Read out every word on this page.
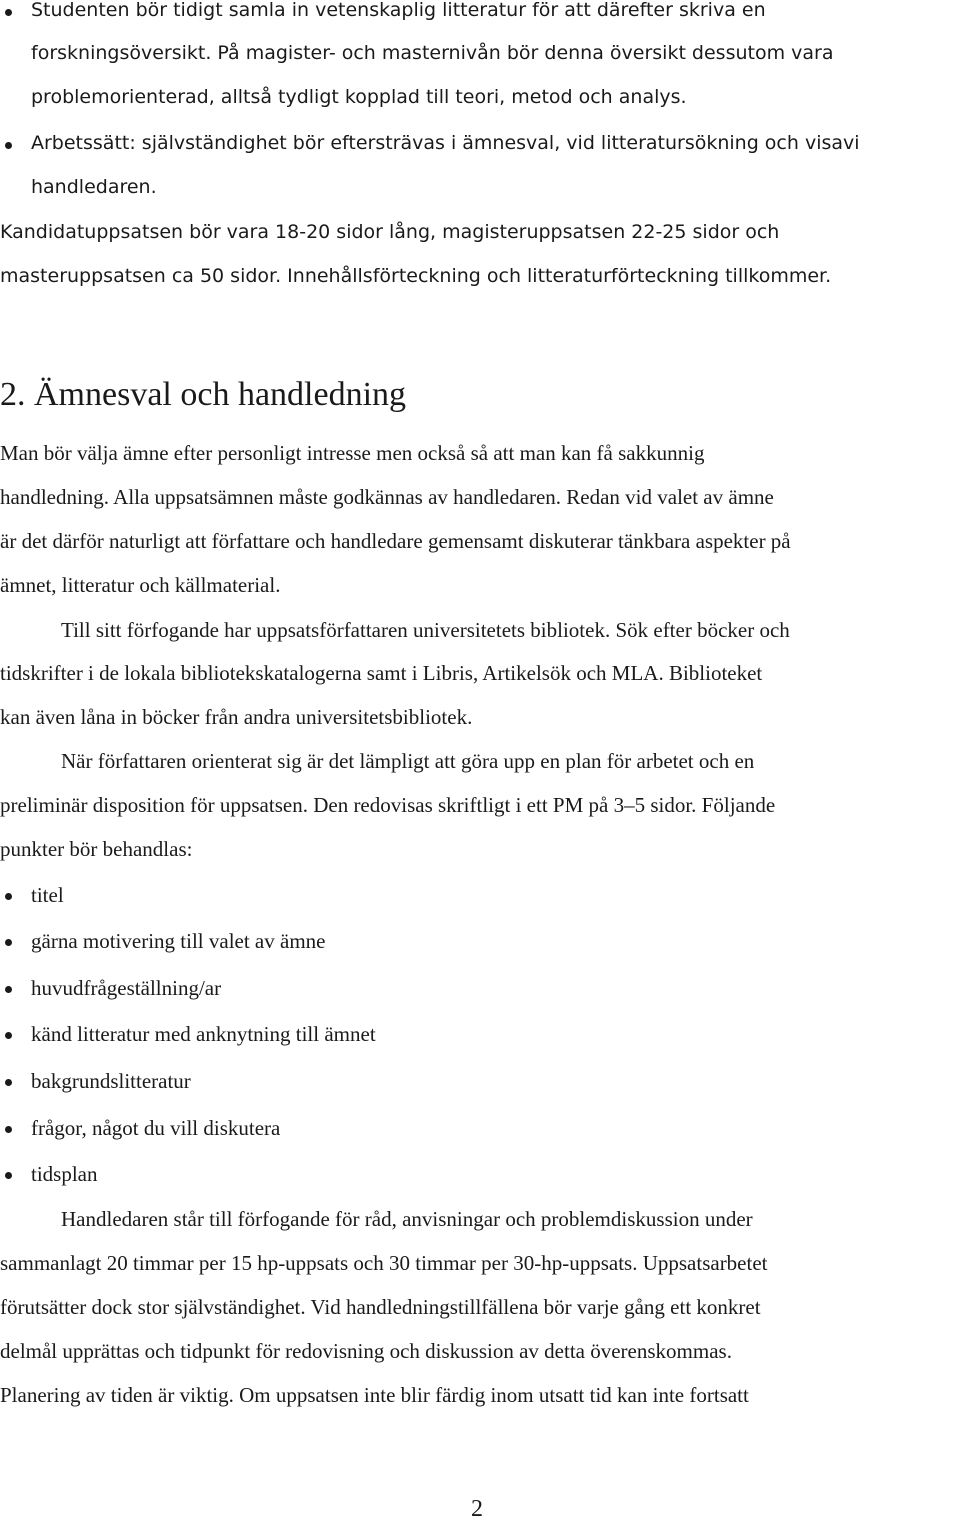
Studenten bör tidigt samla in vetenskaplig litteratur för att därefter skriva en
forskningsöversikt. På magister- och masternivån bör denna översikt dessutom vara
problemorienterad, alltså tydligt kopplad till teori, metod och analys.
Arbetssätt: självständighet bör eftersträvas i ämnesval, vid litteratursökning och visavi
handledaren.
Kandidatuppsatsen bör vara 18-20 sidor lång, magisteruppsatsen 22-25 sidor och
masteruppsatsen ca 50 sidor. Innehållsförteckning och litteraturförteckning tillkommer.
2. Ämnesval och handledning
Man bör välja ämne efter personligt intresse men också så att man kan få sakkunnig
handledning. Alla uppsatsämnen måste godkännas av handledaren. Redan vid valet av ämne
är det därför naturligt att författare och handledare gemensamt diskuterar tänkbara aspekter på
ämnet, litteratur och källmaterial.
Till sitt förfogande har uppsatsförfattaren universitetets bibliotek. Sök efter böcker och
tidskrifter i de lokala bibliotekskatalogerna samt i Libris, Artikelsök och MLA. Biblioteket
kan även låna in böcker från andra universitetsbibliotek.
När författaren orienterat sig är det lämpligt att göra upp en plan för arbetet och en
preliminär disposition för uppsatsen. Den redovisas skriftligt i ett PM på 3–5 sidor. Följande
punkter bör behandlas:
titel
gärna motivering till valet av ämne
huvudfrågeställning/ar
känd litteratur med anknytning till ämnet
bakgrundslitteratur
frågor, något du vill diskutera
tidsplan
Handledaren står till förfogande för råd, anvisningar och problemdiskussion under
sammanlagt 20 timmar per 15 hp-uppsats och 30 timmar per 30-hp-uppsats. Uppsatsarbetet
förutsätter dock stor självständighet. Vid handledningstillfällena bör varje gång ett konkret
delmål upprättas och tidpunkt för redovisning och diskussion av detta överenskommas.
Planering av tiden är viktig. Om uppsatsen inte blir färdig inom utsatt tid kan inte fortsatt
2
